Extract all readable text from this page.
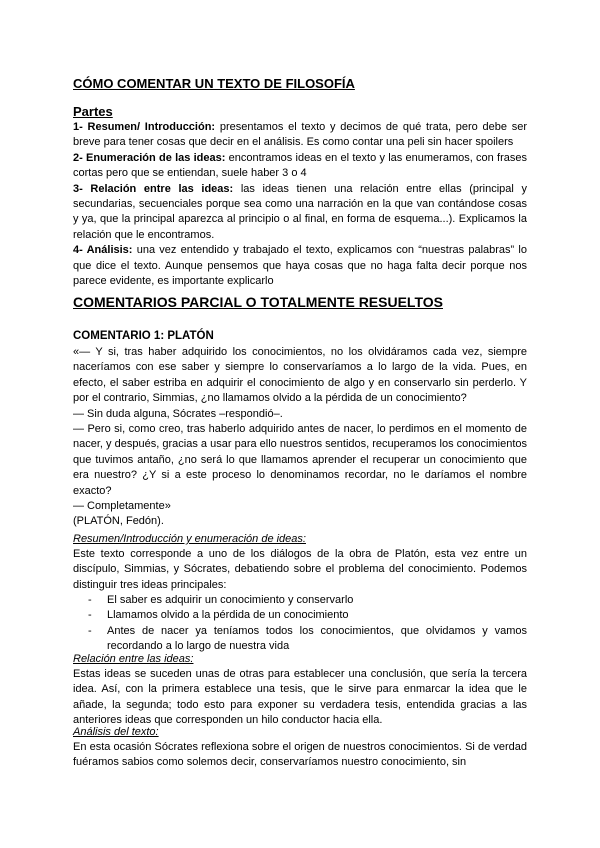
CÓMO COMENTAR UN TEXTO DE FILOSOFÍA
Partes

1- Resumen/ Introducción: presentamos el texto y decimos de qué trata, pero debe ser breve para tener cosas que decir en el análisis. Es como contar una peli sin hacer spoilers

2- Enumeración de las ideas: encontramos ideas en el texto y las enumeramos, con frases cortas pero que se entiendan, suele haber 3 o 4

3- Relación entre las ideas: las ideas tienen una relación entre ellas (principal y secundarias, secuenciales porque sea como una narración en la que van contándose cosas y ya, que la principal aparezca al principio o al final, en forma de esquema...). Explicamos la relación que le encontramos.

4- Análisis: una vez entendido y trabajado el texto, explicamos con “nuestras palabras” lo que dice el texto. Aunque pensemos que haya cosas que no haga falta decir porque nos parece evidente, es importante explicarlo

COMENTARIOS PARCIAL O TOTALMENTE RESUELTOS
COMENTARIO 1: PLATÓN

«— Y si, tras haber adquirido los conocimientos, no los olvidáramos cada vez, siempre naceríamos con ese saber y siempre lo conservaríamos a lo largo de la vida. Pues, en efecto, el saber estriba en adquirir el conocimiento de algo y en conservarlo sin perderlo. Y por el contrario, Simmias, ¿no llamamos olvido a la pérdida de un conocimiento?

— Sin duda alguna, Sócrates –respondió–.

— Pero si, como creo, tras haberlo adquirido antes de nacer, lo perdimos en el momento de nacer, y después, gracias a usar para ello nuestros sentidos, recuperamos los conocimientos que tuvimos antaño, ¿no será lo que llamamos aprender el recuperar un conocimiento que era nuestro? ¿Y si a este proceso lo denominamos recordar, no le daríamos el nombre exacto?

— Completamente»

(PLATÓN, Fedón).

Resumen/Introducción y enumeración de ideas:
Este texto corresponde a uno de los diálogos de la obra de Platón, esta vez entre un discípulo, Simmias, y Sócrates, debatiendo sobre el problema del conocimiento. Podemos distinguir tres ideas principales:
- El saber es adquirir un conocimiento y conservarlo
- Llamamos olvido a la pérdida de un conocimiento
- Antes de nacer ya teníamos todos los conocimientos, que olvidamos y vamos recordando a lo largo de nuestra vida
Relación entre las ideas:
Estas ideas se suceden unas de otras para establecer una conclusión, que sería la tercera idea. Así, con la primera establece una tesis, que le sirve para enmarcar la idea que le añade, la segunda; todo esto para exponer su verdadera tesis, entendida gracias a las anteriores ideas que corresponden un hilo conductor hacia ella.
Análisis del texto:
En esta ocasión Sócrates reflexiona sobre el origen de nuestros conocimientos. Si de verdad fuéramos sabios como solemos decir, conservaríamos nuestro conocimiento, sin
